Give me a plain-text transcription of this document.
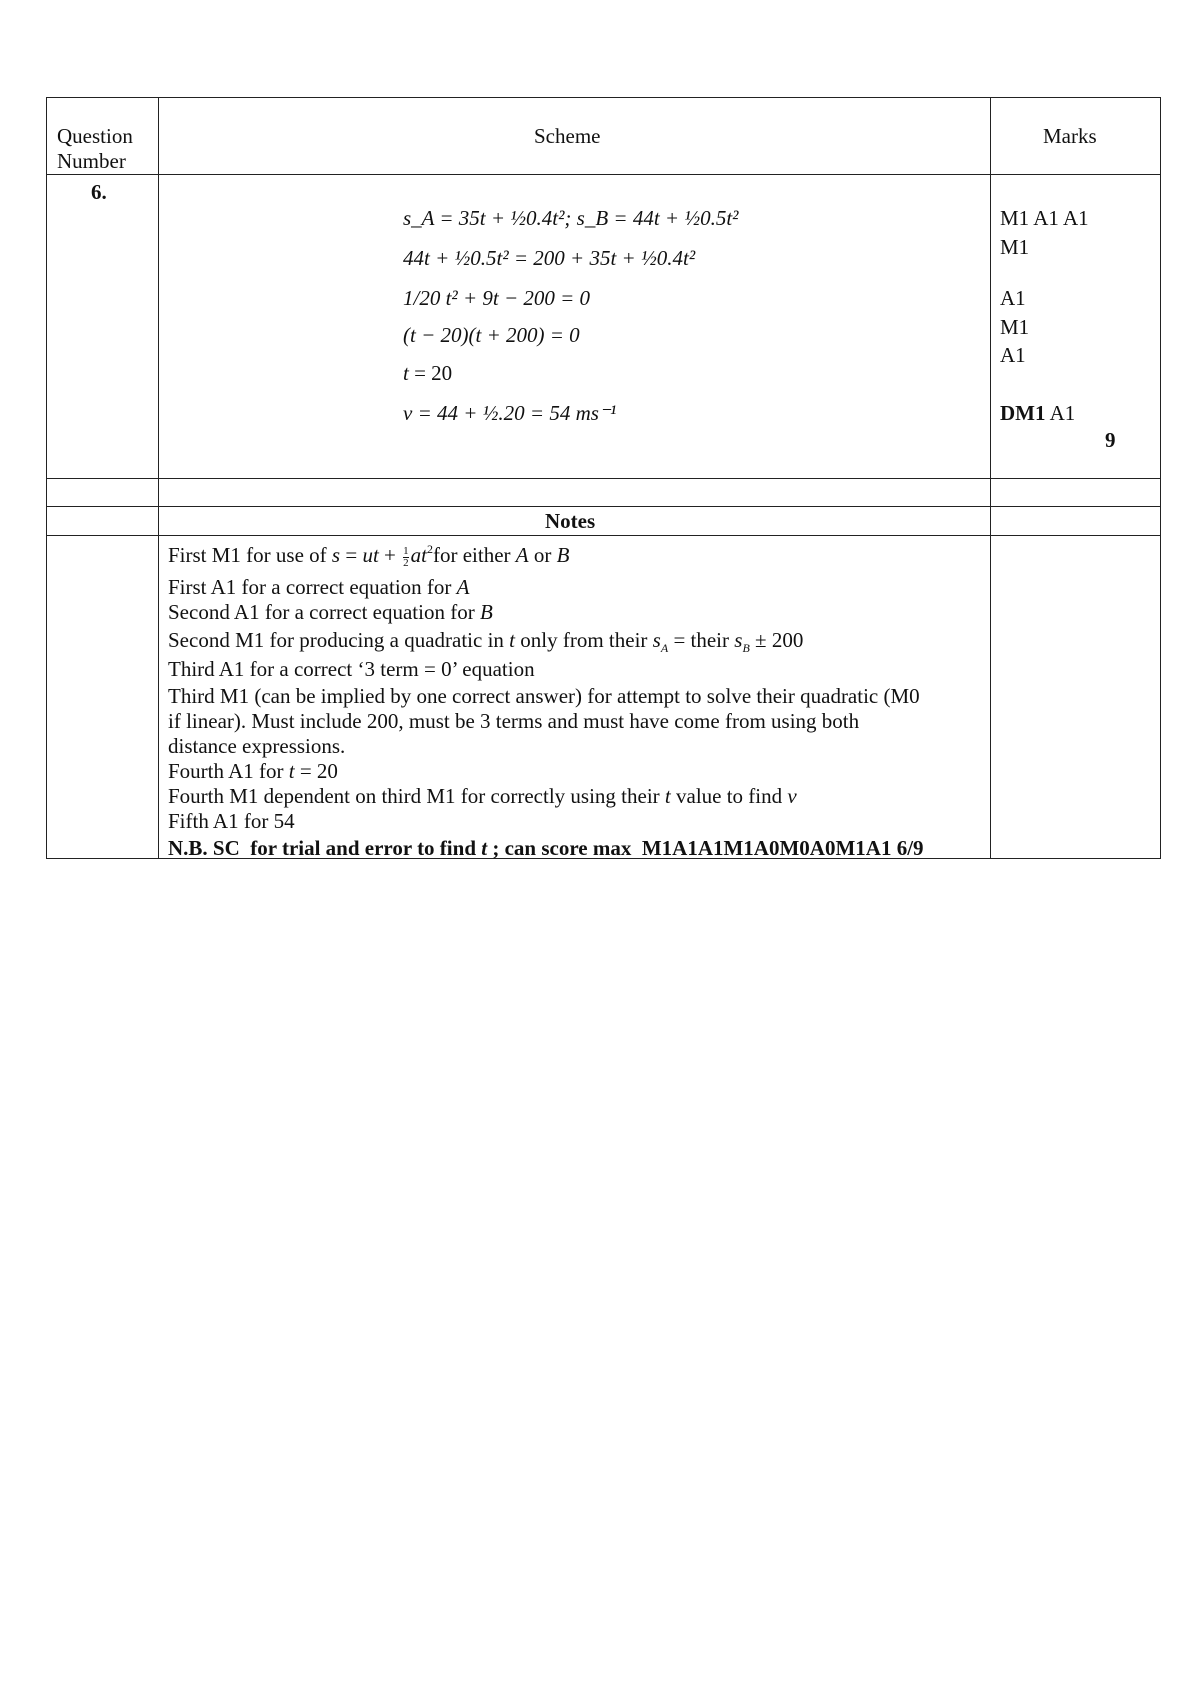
Question
Number
Scheme	Marks
6.
s_A = 35t + ½0.4t²; s_B = 44t + ½0.5t²
44t + ½0.5t² = 200 + 35t + ½0.4t²
1/20 t² + 9t − 200 = 0
(t − 20)(t + 200) = 0
t = 20
v = 44 + ½.20 = 54 ms⁻¹
M1 A1 A1
M1
A1
M1
A1
DM1 A1
9
Notes
First M1 for use of s = ut + $\frac{1}{2} at^2for$ either A or B
First A1 for a correct equation for A
Second A1 for a correct equation for B
Second M1 for producing a quadratic in t only from their $s_A$ = their $s_B \pm 200$
Third A1 for a correct ‘3 term = 0’ equation
Third M1 (can be implied by one correct answer) for attempt to solve their quadratic (M0
if linear). Must include 200, must be 3 terms and must have come from using both
distance expressions.
Fourth A1 for t = 20
Fourth M1 dependent on third M1 for correctly using their t value to find v
Fifth A1 for 54
N.B. SC  for trial and error to find t ; can score max  M1A1A1M1A0M0A0M1A1 6/9
